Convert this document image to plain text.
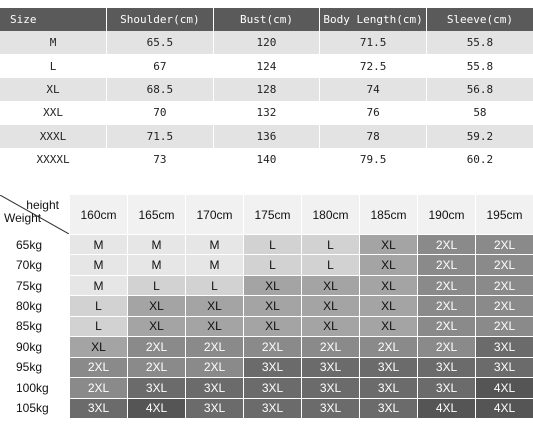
Size	Shoulder(cm)	Bust(cm)	Body Length(cm)	Sleeve(cm)
M	65.5	120	71.5	55.8
L	67	124	72.5	55.8
XL	68.5	128	74	56.8
XXL	70	132	76	58
XXXL	71.5	136	78	59.2
XXXXL	73	140	79.5	60.2
height
Weight	160cm	165cm	170cm	175cm	180cm	185cm	190cm	195cm
65kg	M	M	M	L	L	XL	2XL	2XL
70kg	M	M	M	L	L	XL	2XL	2XL
75kg	M	L	L	XL	XL	XL	2XL	2XL
80kg	L	XL	XL	XL	XL	XL	2XL	2XL
85kg	L	XL	XL	XL	XL	XL	2XL	2XL
90kg	XL	2XL	2XL	2XL	2XL	2XL	2XL	3XL
95kg	2XL	2XL	2XL	3XL	3XL	3XL	3XL	3XL
100kg	2XL	3XL	3XL	3XL	3XL	3XL	3XL	4XL
105kg	3XL	4XL	3XL	3XL	3XL	3XL	4XL	4XL
